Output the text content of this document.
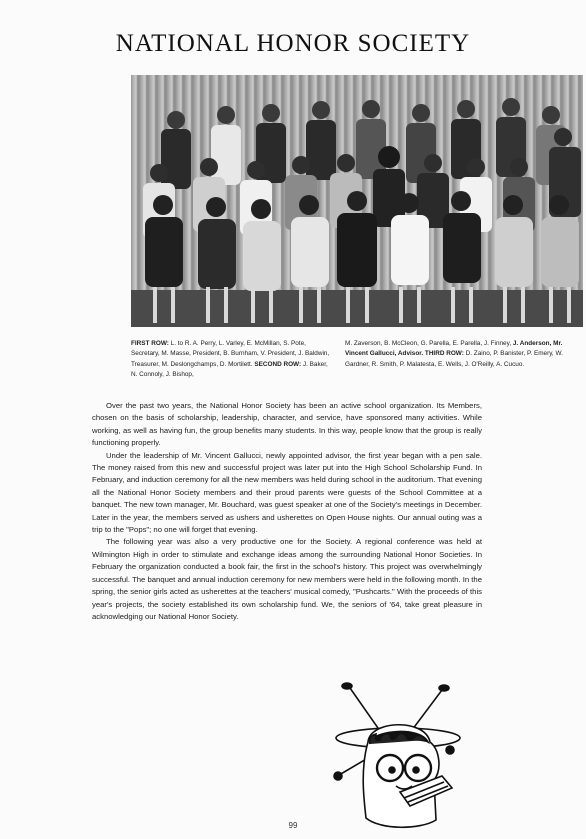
NATIONAL HONOR SOCIETY
FIRST ROW: L. to R. A. Perry, L. Varley, E. McMillan, S. Pote, Secretary, M. Masse, President, B. Burnham, V. President, J. Baldwin, Treasurer, M. Deslongchamps, D. Mortilett. SECOND ROW: J. Baker, N. Connoly, J. Bishop,
M. Zaverson, B. McCleon, G. Parella, E. Parella, J. Finney, J. Anderson, Mr. Vincent Gallucci, Advisor. THIRD ROW: D. Zaino, P. Banister, P. Emery, W. Gardner, R. Smith, P. Malatesta, E. Wells, J. O'Reilly, A. Cucuo.

Over the past two years, the National Honor Society has been an active school organization. Its Members, chosen on the basis of scholarship, leadership, character, and service, have sponsored many activities. While working, as well as having fun, the group benefits many students. In this way, people know that the group is really functioning properly.

Under the leadership of Mr. Vincent Gallucci, newly appointed advisor, the first year began with a pen sale. The money raised from this new and successful project was later put into the High School Scholarship Fund. In February, and induction ceremony for all the new members was held during school in the auditorium. That evening all the National Honor Society members and their proud parents were guests of the School Committee at a banquet. The new town manager, Mr. Bouchard, was guest speaker at one of the Society's meetings in December. Later in the year, the members served as ushers and usherettes on Open House nights. Our annual outing was a trip to the "Pops"; no one will forget that evening.

The following year was also a very productive one for the Society. A regional conference was held at Wilmington High in order to stimulate and exchange ideas among the surrounding National Honor Societies. In February the organization conducted a book fair, the first in the school's history. This project was overwhelmingly successful. The banquet and annual induction ceremony for new members were held in the following month. In the spring, the senior girls acted as usherettes at the teachers' musical comedy, "Pushcarts." With the proceeds of this year's projects, the society established its own scholarship fund. We, the seniors of '64, take great pleasure in acknowledging our National Honor Society.

99
